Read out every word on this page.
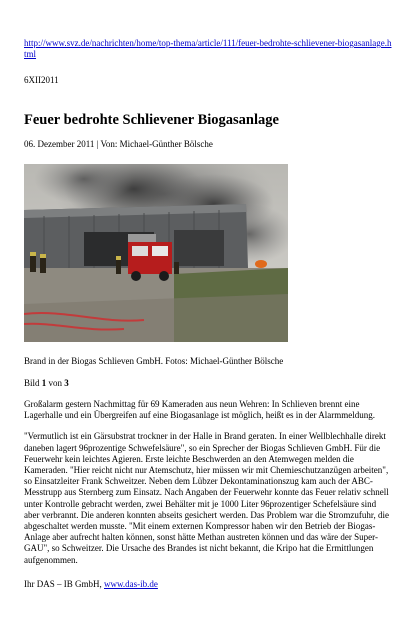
http://www.svz.de/nachrichten/home/top-thema/article/111/feuer-bedrohte-schlievener-biogasanlage.html
6XII2011
Feuer bedrohte Schlievener Biogasanlage
06. Dezember 2011 | Von: Michael-Günther Bölsche
Brand in der Biogas Schlieven GmbH. Fotos: Michael-Günther Bölsche
Bild 1 von 3

Großalarm gestern Nachmittag für 69 Kameraden aus neun Wehren: In Schlieven brennt eine Lagerhalle und ein Übergreifen auf eine Biogasanlage ist möglich, heißt es in der Alarmmeldung.

"Vermutlich ist ein Gärsubstrat trockner in der Halle in Brand geraten. In einer Wellblechhalle direkt daneben lagert 96prozentige Schwefelsäure", so ein Sprecher der Biogas Schlieven GmbH. Für die Feuerwehr kein leichtes Agieren. Erste leichte Beschwerden an den Atemwegen melden die Kameraden. "Hier reicht nicht nur Atemschutz, hier müssen wir mit Chemieschutzanzügen arbeiten", so Einsatzleiter Frank Schweitzer. Neben dem Lübzer Dekontaminationszug kam auch der ABC-Messtrupp aus Sternberg zum Einsatz. Nach Angaben der Feuerwehr konnte das Feuer relativ schnell unter Kontrolle gebracht werden, zwei Behälter mit je 1000 Liter 96prozentiger Schefelsäure sind aber verbrannt. Die anderen konnten abseits gesichert werden. Das Problem war die Stromzufuhr, die abgeschaltet werden musste. "Mit einem externen Kompressor haben wir den Betrieb der Biogas-Anlage aber aufrecht halten können, sonst hätte Methan austreten können und das wäre der Super-GAU", so Schweitzer. Die Ursache des Brandes ist nicht bekannt, die Kripo hat die Ermittlungen aufgenommen.

Ihr DAS – IB GmbH, www.das-ib.de
